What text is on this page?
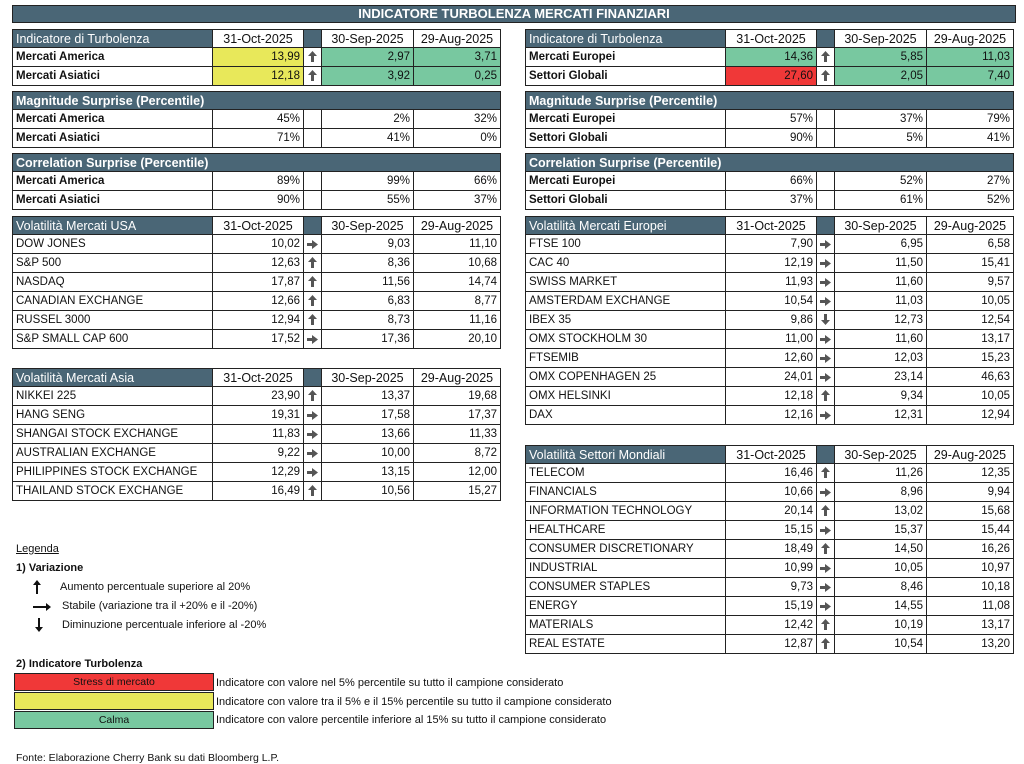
INDICATORE TURBOLENZA MERCATI FINANZIARI
Indicatore di Turbolenza	31-Oct-2025	30-Sep-2025	29-Aug-2025
Mercati America	13,99	2,97	3,71
Mercati Asiatici	12,18	3,92	0,25
Magnitude Surprise (Percentile)
Mercati America	45%	2%	32%
Mercati Asiatici	71%	41%	0%
Correlation Surprise (Percentile)
Mercati America	89%	99%	66%
Mercati Asiatici	90%	55%	37%
Volatilità Mercati USA	31-Oct-2025	30-Sep-2025	29-Aug-2025
DOW JONES	10,02	9,03	11,10
S&P 500	12,63	8,36	10,68
NASDAQ	17,87	11,56	14,74
CANADIAN EXCHANGE	12,66	6,83	8,77
RUSSEL 3000	12,94	8,73	11,16
S&P SMALL CAP 600	17,52	17,36	20,10
Volatilità Mercati Asia	31-Oct-2025	30-Sep-2025	29-Aug-2025
NIKKEI 225	23,90	13,37	19,68
HANG SENG	19,31	17,58	17,37
SHANGAI STOCK EXCHANGE	11,83	13,66	11,33
AUSTRALIAN EXCHANGE	9,22	10,00	8,72
PHILIPPINES STOCK EXCHANGE	12,29	13,15	12,00
THAILAND STOCK EXCHANGE	16,49	10,56	15,27
Indicatore di Turbolenza	31-Oct-2025	30-Sep-2025	29-Aug-2025
Mercati Europei	14,36	5,85	11,03
Settori Globali	27,60	2,05	7,40
Magnitude Surprise (Percentile)
Mercati Europei	57%	37%	79%
Settori Globali	90%	5%	41%
Correlation Surprise (Percentile)
Mercati Europei	66%	52%	27%
Settori Globali	37%	61%	52%
Volatilità Mercati Europei	31-Oct-2025	30-Sep-2025	29-Aug-2025
FTSE 100	7,90	6,95	6,58
CAC 40	12,19	11,50	15,41
SWISS MARKET	11,93	11,60	9,57
AMSTERDAM EXCHANGE	10,54	11,03	10,05
IBEX 35	9,86	12,73	12,54
OMX STOCKHOLM 30	11,00	11,60	13,17
FTSEMIB	12,60	12,03	15,23
OMX COPENHAGEN 25	24,01	23,14	46,63
OMX HELSINKI	12,18	9,34	10,05
DAX	12,16	12,31	12,94
Volatilità Settori Mondiali	31-Oct-2025	30-Sep-2025	29-Aug-2025
TELECOM	16,46	11,26	12,35
FINANCIALS	10,66	8,96	9,94
INFORMATION TECHNOLOGY	20,14	13,02	15,68
HEALTHCARE	15,15	15,37	15,44
CONSUMER DISCRETIONARY	18,49	14,50	16,26
INDUSTRIAL	10,99	10,05	10,97
CONSUMER STAPLES	9,73	8,46	10,18
ENERGY	15,19	14,55	11,08
MATERIALS	12,42	10,19	13,17
REAL ESTATE	12,87	10,54	13,20
Legenda
1) Variazione
Aumento percentuale superiore al 20%
Stabile (variazione tra il +20% e il -20%)
Diminuzione percentuale inferiore al -20%
2) Indicatore Turbolenza
Stress di mercato	Indicatore con valore nel 5% percentile su tutto il campione considerato
Indicatore con valore tra il 5% e il 15% percentile su tutto il campione considerato
Calma	Indicatore con valore percentile inferiore al 15% su tutto il campione considerato
Fonte: Elaborazione Cherry Bank su dati Bloomberg L.P.
